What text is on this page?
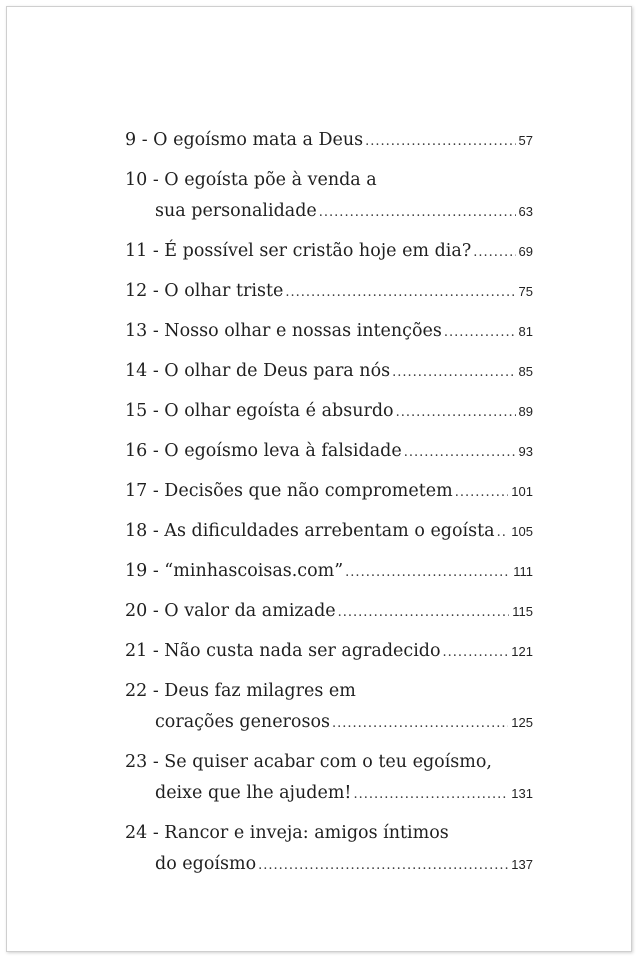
9 - O egoísmo mata a Deus .....	57
10 - O egoísta põe à venda a
sua personalidade .....	63
11 - É possível ser cristão hoje em dia? .....	69
12 - O olhar triste .....	75
13 - Nosso olhar e nossas intenções .....	81
14 - O olhar de Deus para nós .....	85
15 - O olhar egoísta é absurdo .....	89
16 - O egoísmo leva à falsidade .....	93
17 - Decisões que não comprometem .....	101
18 - As dificuldades arrebentam o egoísta ..... 105
19 - “minhascoisas.com” .....	111
20 - O valor da amizade .....	115
21 - Não custa nada ser agradecido .....	121
22 - Deus faz milagres em
corações generosos .....	125
23 - Se quiser acabar com o teu egoísmo,
deixe que lhe ajudem! .....	131
24 - Rancor e inveja: amigos íntimos
do egoísmo .....	137
